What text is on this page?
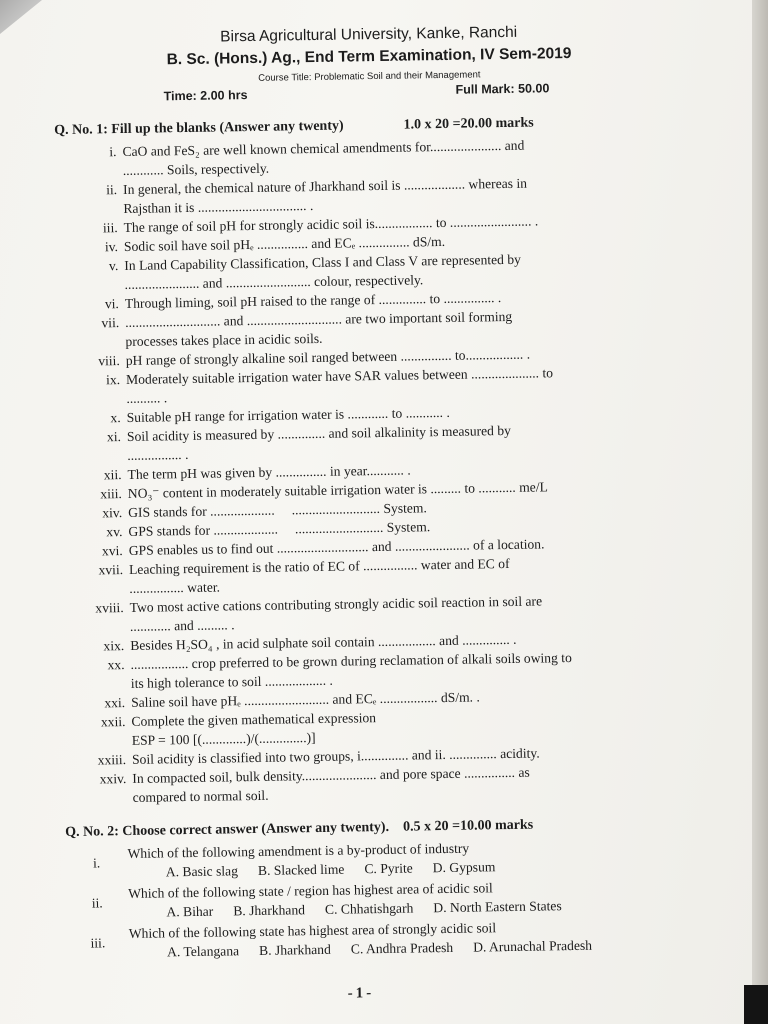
Birsa Agricultural University, Kanke, Ranchi
B. Sc. (Hons.) Ag., End Term Examination, IV Sem-2019
Course Title: Problematic Soil and their Management
Time: 2.00 hrs	Full Mark: 50.00
Q. No. 1: Fill up the blanks (Answer any twenty)	1.0 x 20 =20.00 marks
i. CaO and FeS₂ are well known chemical amendments for..................... and
............ Soils, respectively.
ii. In general, the chemical nature of Jharkhand soil is .................. whereas in
Rajsthan it is ................................ .
iii. The range of soil pH for strongly acidic soil is................. to ........................ .
iv. Sodic soil have soil pHₑ ............... and ECₑ ............... dS/m.
v. In Land Capability Classification, Class I and Class V are represented by
...................... and ......................... colour, respectively.
vi. Through liming, soil pH raised to the range of .............. to ............... .
vii. ............................ and ............................ are two important soil forming
processes takes place in acidic soils.
viii. pH range of strongly alkaline soil ranged between ............... to................. .
ix. Moderately suitable irrigation water have SAR values between .................... to
.......... .
x. Suitable pH range for irrigation water is ............ to ........... .
xi. Soil acidity is measured by .............. and soil alkalinity is measured by
................ .
xii. The term pH was given by ............... in year........... .
xiii. NO₃⁻ content in moderately suitable irrigation water is ......... to ........... me/L
xiv. GIS stands for ...................     .......................... System.
xv. GPS stands for ...................     .......................... System.
xvi. GPS enables us to find out ........................... and ...................... of a location.
xvii. Leaching requirement is the ratio of EC of ................ water and EC of
................ water.
xviii. Two most active cations contributing strongly acidic soil reaction in soil are
............ and ......... .
xix. Besides H₂SO₄ , in acid sulphate soil contain ................. and .............. .
xx. ................. crop preferred to be grown during reclamation of alkali soils owing to
its high tolerance to soil .................. .
xxi. Saline soil have pHₑ ......................... and ECₑ ................. dS/m. .
xxii. Complete the given mathematical expression
ESP = 100 [(.............)/(..............)]
xxiii. Soil acidity is classified into two groups, i.............. and ii. .............. acidity.
xxiv. In compacted soil, bulk density...................... and pore space ............... as
compared to normal soil.
Q. No. 2: Choose correct answer (Answer any twenty). 0.5 x 20 =10.00 marks
i.
Which of the following amendment is a by-product of industry
A. Basic slag B. Slacked lime C. Pyrite D. Gypsum
ii.
Which of the following state / region has highest area of acidic soil
A. Bihar B. Jharkhand C. Chhatishgarh D. North Eastern States
iii.
Which of the following state has highest area of strongly acidic soil
A. Telangana B. Jharkhand C. Andhra Pradesh D. Arunachal Pradesh
-1-
